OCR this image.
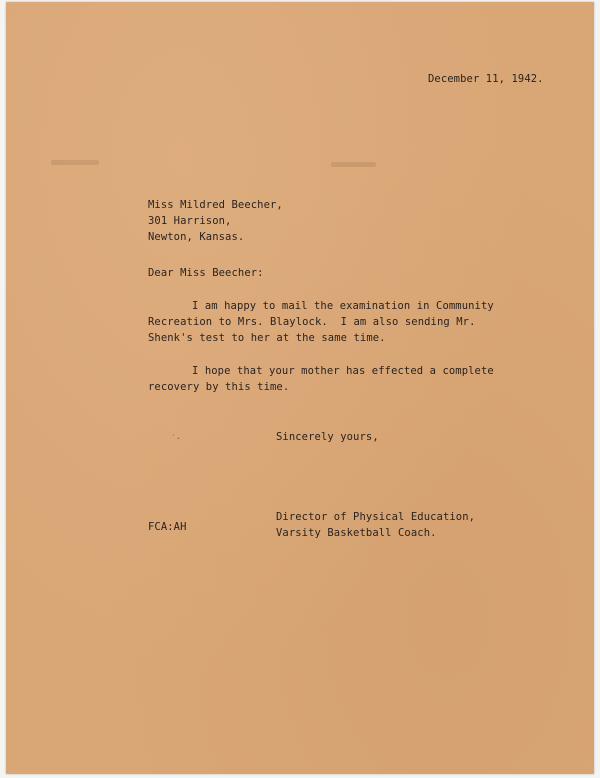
December 11, 1942.
Miss Mildred Beecher,
301 Harrison,
Newton, Kansas.
Dear Miss Beecher:
I am happy to mail the examination in Community
Recreation to Mrs. Blaylock.  I am also sending Mr.
Shenk's test to her at the same time.
I hope that your mother has effected a complete
recovery by this time.
˙·	Sincerely yours,
Director of Physical Education,
Varsity Basketball Coach.
FCA:AH
